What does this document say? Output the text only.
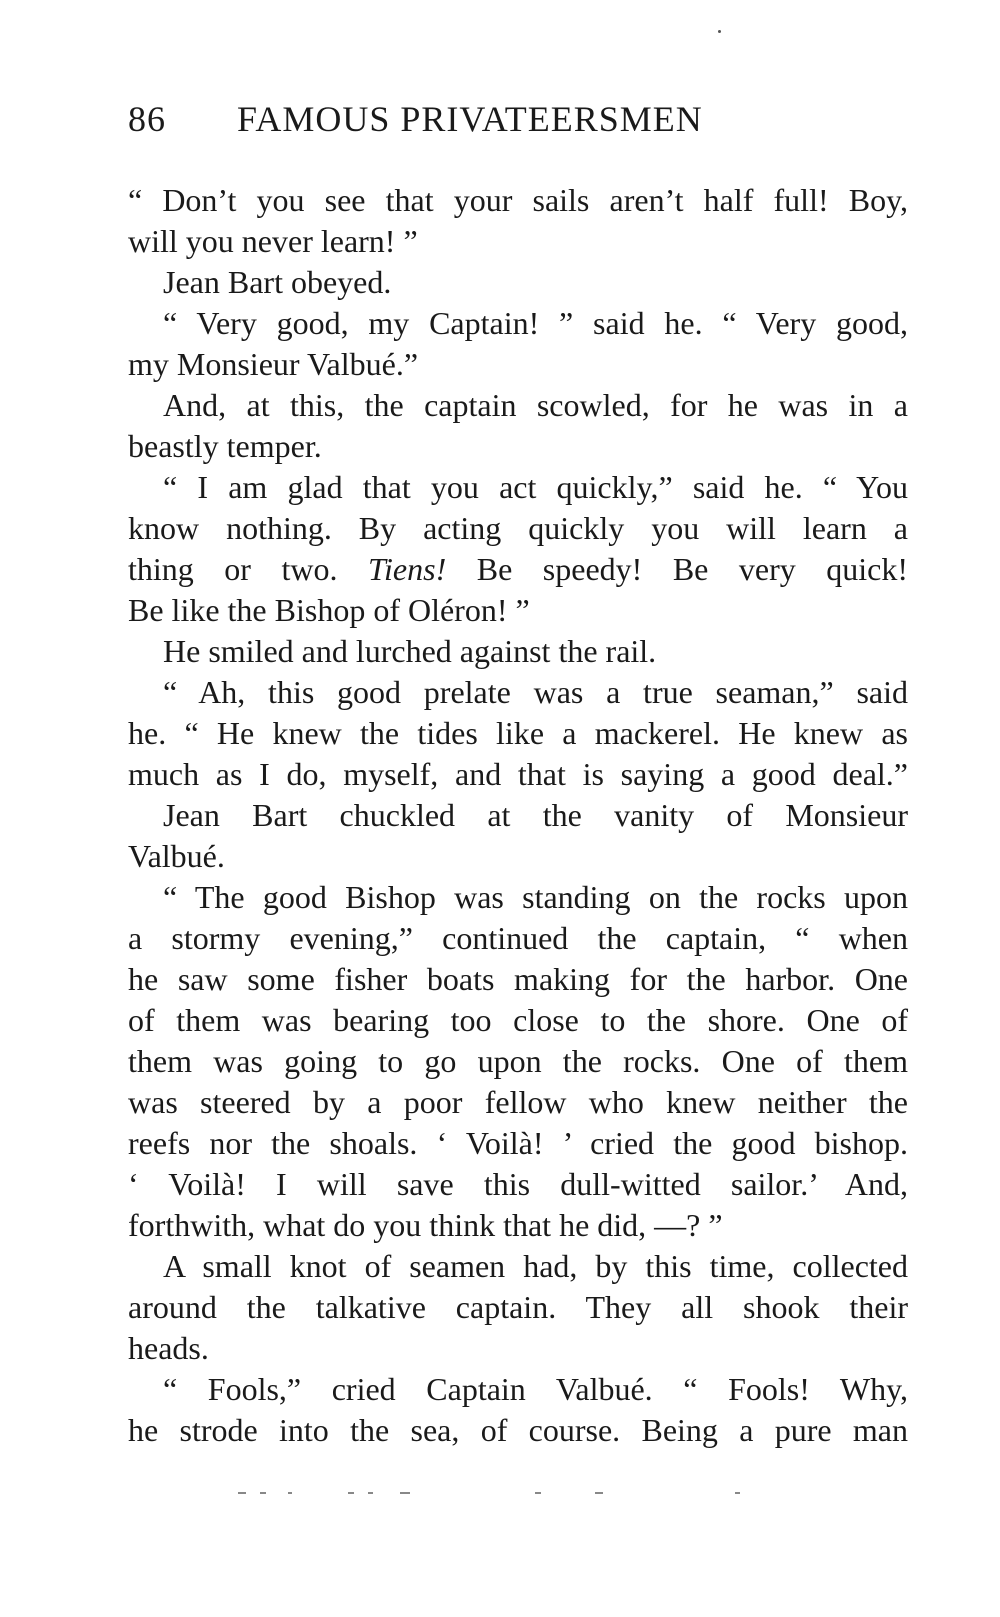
86 FAMOUS PRIVATEERSMEN
“ Don’t you see that your sails aren’t half full! Boy,
will you never learn! ”
Jean Bart obeyed.
“ Very good, my Captain! ” said he. “ Very good,
my Monsieur Valbué.”
And, at this, the captain scowled, for he was in a
beastly temper.
“ I am glad that you act quickly,” said he. “ You
know nothing. By acting quickly you will learn a
thing or two. Tiens! Be speedy! Be very quick!
Be like the Bishop of Oléron! ”
He smiled and lurched against the rail.
“ Ah, this good prelate was a true seaman,” said
he. “ He knew the tides like a mackerel. He knew as
much as I do, myself, and that is saying a good deal.”
Jean Bart chuckled at the vanity of Monsieur
Valbué.
“ The good Bishop was standing on the rocks upon
a stormy evening,” continued the captain, “ when
he saw some fisher boats making for the harbor. One
of them was bearing too close to the shore. One of
them was going to go upon the rocks. One of them
was steered by a poor fellow who knew neither the
reefs nor the shoals. ‘ Voilà! ’ cried the good bishop.
‘ Voilà! I will save this dull-witted sailor.’ And,
forthwith, what do you think that he did, —? ”
A small knot of seamen had, by this time, collected
around the talkative captain. They all shook their
heads.
“ Fools,” cried Captain Valbué. “ Fools! Why,
he strode into the sea, of course. Being a pure man
